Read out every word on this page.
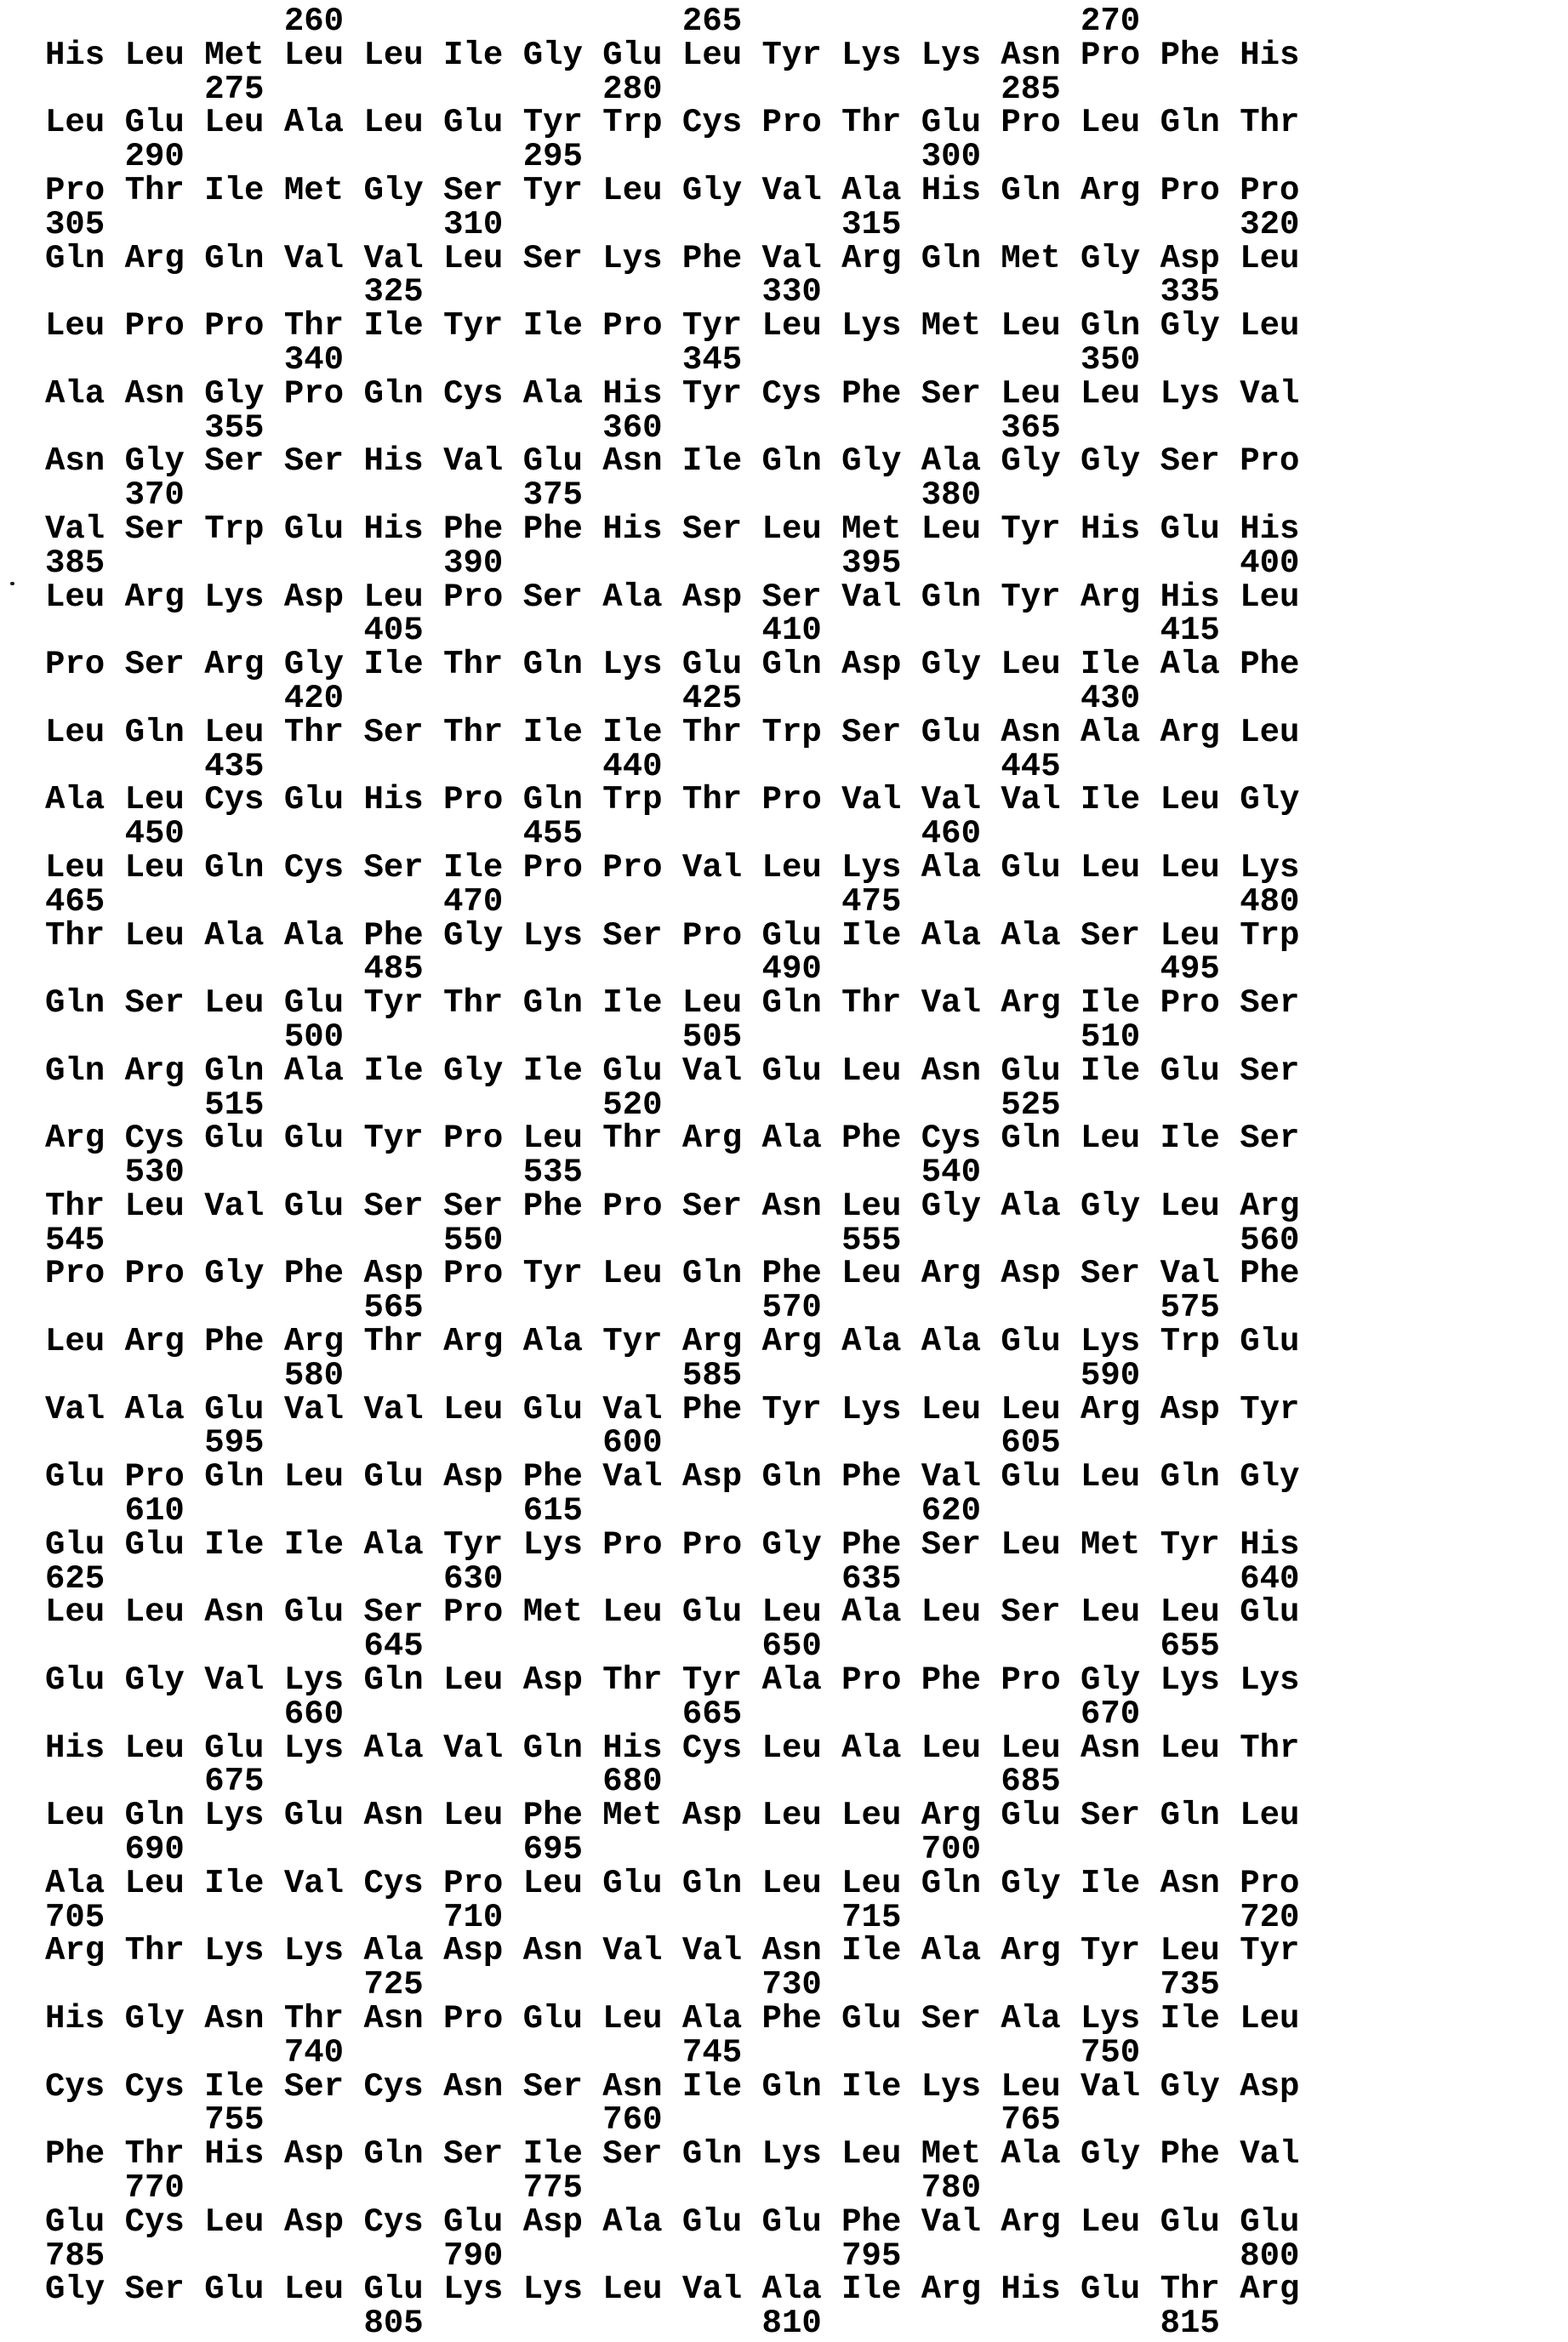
260                 265                 270
His Leu Met Leu Leu Ile Gly Glu Leu Tyr Lys Lys Asn Pro Phe His
275                 280                 285
Leu Glu Leu Ala Leu Glu Tyr Trp Cys Pro Thr Glu Pro Leu Gln Thr
290                 295                 300
Pro Thr Ile Met Gly Ser Tyr Leu Gly Val Ala His Gln Arg Pro Pro
305                 310                 315                 320
Gln Arg Gln Val Val Leu Ser Lys Phe Val Arg Gln Met Gly Asp Leu
325                 330                 335
Leu Pro Pro Thr Ile Tyr Ile Pro Tyr Leu Lys Met Leu Gln Gly Leu
340                 345                 350
Ala Asn Gly Pro Gln Cys Ala His Tyr Cys Phe Ser Leu Leu Lys Val
355                 360                 365
Asn Gly Ser Ser His Val Glu Asn Ile Gln Gly Ala Gly Gly Ser Pro
370                 375                 380
Val Ser Trp Glu His Phe Phe His Ser Leu Met Leu Tyr His Glu His
385                 390                 395                 400
Leu Arg Lys Asp Leu Pro Ser Ala Asp Ser Val Gln Tyr Arg His Leu
405                 410                 415
Pro Ser Arg Gly Ile Thr Gln Lys Glu Gln Asp Gly Leu Ile Ala Phe
420                 425                 430
Leu Gln Leu Thr Ser Thr Ile Ile Thr Trp Ser Glu Asn Ala Arg Leu
435                 440                 445
Ala Leu Cys Glu His Pro Gln Trp Thr Pro Val Val Val Ile Leu Gly
450                 455                 460
Leu Leu Gln Cys Ser Ile Pro Pro Val Leu Lys Ala Glu Leu Leu Lys
465                 470                 475                 480
Thr Leu Ala Ala Phe Gly Lys Ser Pro Glu Ile Ala Ala Ser Leu Trp
485                 490                 495
Gln Ser Leu Glu Tyr Thr Gln Ile Leu Gln Thr Val Arg Ile Pro Ser
500                 505                 510
Gln Arg Gln Ala Ile Gly Ile Glu Val Glu Leu Asn Glu Ile Glu Ser
515                 520                 525
Arg Cys Glu Glu Tyr Pro Leu Thr Arg Ala Phe Cys Gln Leu Ile Ser
530                 535                 540
Thr Leu Val Glu Ser Ser Phe Pro Ser Asn Leu Gly Ala Gly Leu Arg
545                 550                 555                 560
Pro Pro Gly Phe Asp Pro Tyr Leu Gln Phe Leu Arg Asp Ser Val Phe
565                 570                 575
Leu Arg Phe Arg Thr Arg Ala Tyr Arg Arg Ala Ala Glu Lys Trp Glu
580                 585                 590
Val Ala Glu Val Val Leu Glu Val Phe Tyr Lys Leu Leu Arg Asp Tyr
595                 600                 605
Glu Pro Gln Leu Glu Asp Phe Val Asp Gln Phe Val Glu Leu Gln Gly
610                 615                 620
Glu Glu Ile Ile Ala Tyr Lys Pro Pro Gly Phe Ser Leu Met Tyr His
625                 630                 635                 640
Leu Leu Asn Glu Ser Pro Met Leu Glu Leu Ala Leu Ser Leu Leu Glu
645                 650                 655
Glu Gly Val Lys Gln Leu Asp Thr Tyr Ala Pro Phe Pro Gly Lys Lys
660                 665                 670
His Leu Glu Lys Ala Val Gln His Cys Leu Ala Leu Leu Asn Leu Thr
675                 680                 685
Leu Gln Lys Glu Asn Leu Phe Met Asp Leu Leu Arg Glu Ser Gln Leu
690                 695                 700
Ala Leu Ile Val Cys Pro Leu Glu Gln Leu Leu Gln Gly Ile Asn Pro
705                 710                 715                 720
Arg Thr Lys Lys Ala Asp Asn Val Val Asn Ile Ala Arg Tyr Leu Tyr
725                 730                 735
His Gly Asn Thr Asn Pro Glu Leu Ala Phe Glu Ser Ala Lys Ile Leu
740                 745                 750
Cys Cys Ile Ser Cys Asn Ser Asn Ile Gln Ile Lys Leu Val Gly Asp
755                 760                 765
Phe Thr His Asp Gln Ser Ile Ser Gln Lys Leu Met Ala Gly Phe Val
770                 775                 780
Glu Cys Leu Asp Cys Glu Asp Ala Glu Glu Phe Val Arg Leu Glu Glu
785                 790                 795                 800
Gly Ser Glu Leu Glu Lys Lys Leu Val Ala Ile Arg His Glu Thr Arg
805                 810                 815
